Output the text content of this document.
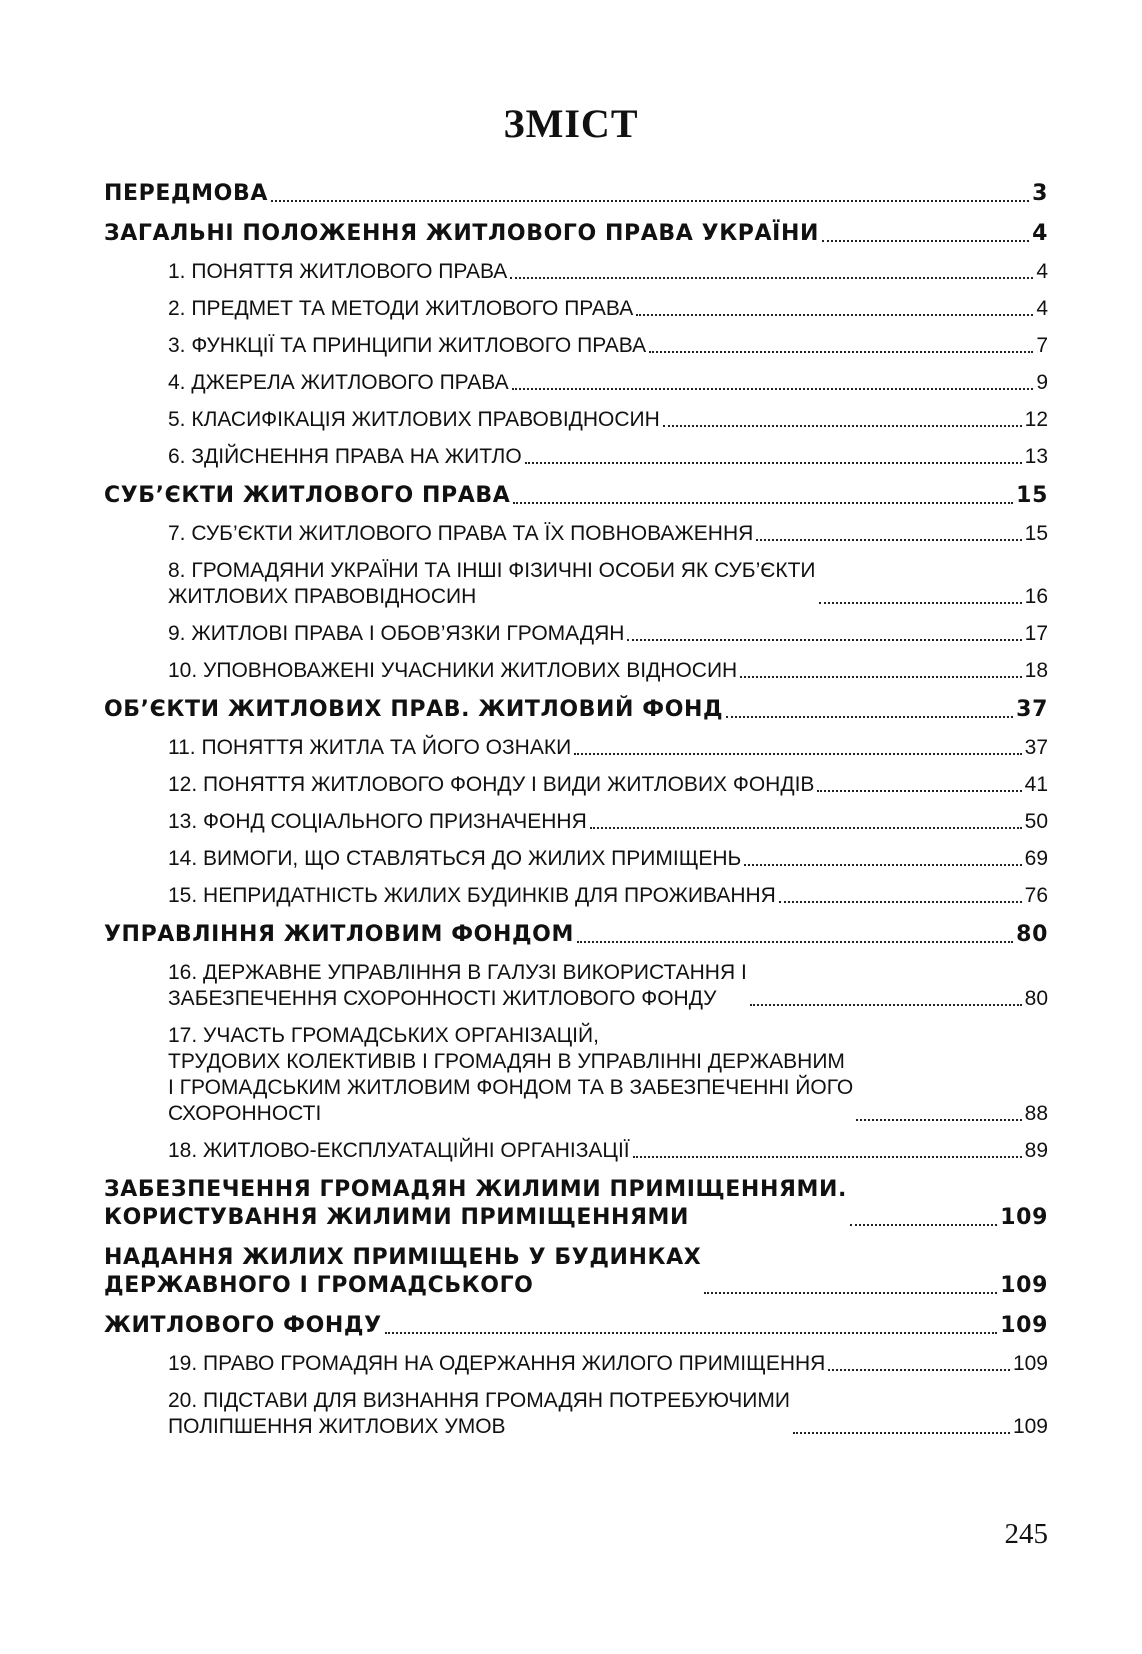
ЗМІСТ
ПЕРЕДМОВА	3
ЗАГАЛЬНІ ПОЛОЖЕННЯ ЖИТЛОВОГО ПРАВА УКРАЇНИ	4
1. ПОНЯТТЯ ЖИТЛОВОГО ПРАВА	4
2. ПРЕДМЕТ ТА МЕТОДИ ЖИТЛОВОГО ПРАВА	4
3. ФУНКЦІЇ ТА ПРИНЦИПИ ЖИТЛОВОГО ПРАВА	7
4. ДЖЕРЕЛА ЖИТЛОВОГО ПРАВА	9
5. КЛАСИФІКАЦІЯ ЖИТЛОВИХ ПРАВОВІДНОСИН	12
6. ЗДІЙСНЕННЯ ПРАВА НА ЖИТЛО	13
СУБ’ЄКТИ ЖИТЛОВОГО ПРАВА	15
7. СУБ’ЄКТИ ЖИТЛОВОГО ПРАВА ТА ЇХ ПОВНОВАЖЕННЯ	15
8. ГРОМАДЯНИ УКРАЇНИ ТА ІНШІ ФІЗИЧНІ ОСОБИ ЯК СУБ’ЄКТИ
ЖИТЛОВИХ ПРАВОВІДНОСИН	16
9. ЖИТЛОВІ ПРАВА І ОБОВ’ЯЗКИ ГРОМАДЯН	17
10. УПОВНОВАЖЕНІ УЧАСНИКИ ЖИТЛОВИХ ВІДНОСИН	18
ОБ’ЄКТИ ЖИТЛОВИХ ПРАВ. ЖИТЛОВИЙ ФОНД	37
11. ПОНЯТТЯ ЖИТЛА ТА ЙОГО ОЗНАКИ	37
12. ПОНЯТТЯ ЖИТЛОВОГО ФОНДУ І ВИДИ ЖИТЛОВИХ ФОНДІВ	41
13. ФОНД СОЦІАЛЬНОГО ПРИЗНАЧЕННЯ	50
14. ВИМОГИ, ЩО СТАВЛЯТЬСЯ ДО ЖИЛИХ ПРИМІЩЕНЬ	69
15. НЕПРИДАТНІСТЬ ЖИЛИХ БУДИНКІВ ДЛЯ ПРОЖИВАННЯ	76
УПРАВЛІННЯ ЖИТЛОВИМ ФОНДОМ	80
16. ДЕРЖАВНЕ УПРАВЛІННЯ В ГАЛУЗІ ВИКОРИСТАННЯ І
ЗАБЕЗПЕЧЕННЯ СХОРОННОСТІ ЖИТЛОВОГО ФОНДУ	80
17. УЧАСТЬ ГРОМАДСЬКИХ ОРГАНІЗАЦІЙ,
ТРУДОВИХ КОЛЕКТИВІВ І ГРОМАДЯН В УПРАВЛІННІ ДЕРЖАВНИМ
І ГРОМАДСЬКИМ ЖИТЛОВИМ ФОНДОМ ТА В ЗАБЕЗПЕЧЕННІ ЙОГО
СХОРОННОСТІ	88
18. ЖИТЛОВО-ЕКСПЛУАТАЦІЙНІ ОРГАНІЗАЦІЇ	89
ЗАБЕЗПЕЧЕННЯ ГРОМАДЯН ЖИЛИМИ ПРИМІЩЕННЯМИ.
КОРИСТУВАННЯ ЖИЛИМИ ПРИМІЩЕННЯМИ	109
НАДАННЯ ЖИЛИХ ПРИМІЩЕНЬ У БУДИНКАХ
ДЕРЖАВНОГО І ГРОМАДСЬКОГО	109
ЖИТЛОВОГО ФОНДУ	109
19. ПРАВО ГРОМАДЯН НА ОДЕРЖАННЯ ЖИЛОГО ПРИМІЩЕННЯ	109
20. ПІДСТАВИ ДЛЯ ВИЗНАННЯ ГРОМАДЯН ПОТРЕБУЮЧИМИ
ПОЛІПШЕННЯ ЖИТЛОВИХ УМОВ	109
245
